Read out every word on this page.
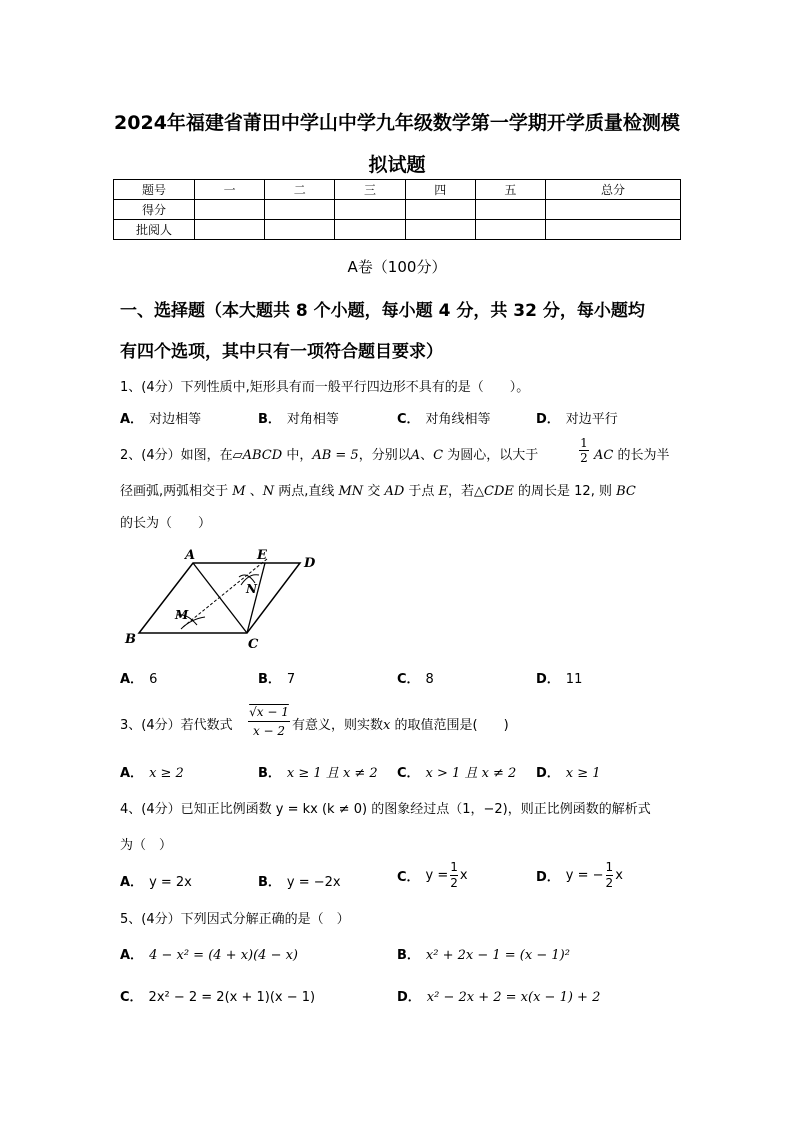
2024年福建省莆田中学山中学九年级数学第一学期开学质量检测模
拟试题
题号	一	二	三	四	五	总分
得分						
批阅人						
A卷（100分）
一、选择题（本大题共 8 个小题，每小题 4 分，共 32 分，每小题均
有四个选项，其中只有一项符合题目要求）
1、(4分）下列性质中,矩形具有而一般平行四边形不具有的是（　　）。
A． 对边相等	B． 对角相等	C． 对角线相等	D． 对边平行
2、(4分）如图，在▱ABCD 中，AB = 5，分别以A、C 为圆心，以大于
1
2 AC 的长为半
径画弧,两弧相交于 M 、N 两点,直线 MN 交 AD 于点 E，若△CDE 的周长是 12, 则 BC
的长为（　　）
A
B	C
D
E
N
M
A． 6	B． 7	C． 8	D． 11
3、(4分）若代数式
√x − 1
x − 2 有意义，则实数x 的取值范围是(　　)
A． x ≥ 2	B． x ≥ 1 且 x ≠ 2 C． x > 1 且 x ≠ 2 D． x ≥ 1
4、(4分）已知正比例函数 y = kx (k ≠ 0) 的图象经过点（1，−2)，则正比例函数的解析式
为（　）
A． y = 2x	B． y = −2x	C． $y = \frac{1}{2}$ x	D． y = − $\frac{1}{2}$ x
5、(4分）下列因式分解正确的是（　）
A． 4 − x² = (4 + x)(4 − x)	B． x² + 2x − 1 = (x − 1)²
C． 2x² − 2 = 2(x + 1)(x − 1)	D． x² − 2x + 2 = x(x − 1) + 2
